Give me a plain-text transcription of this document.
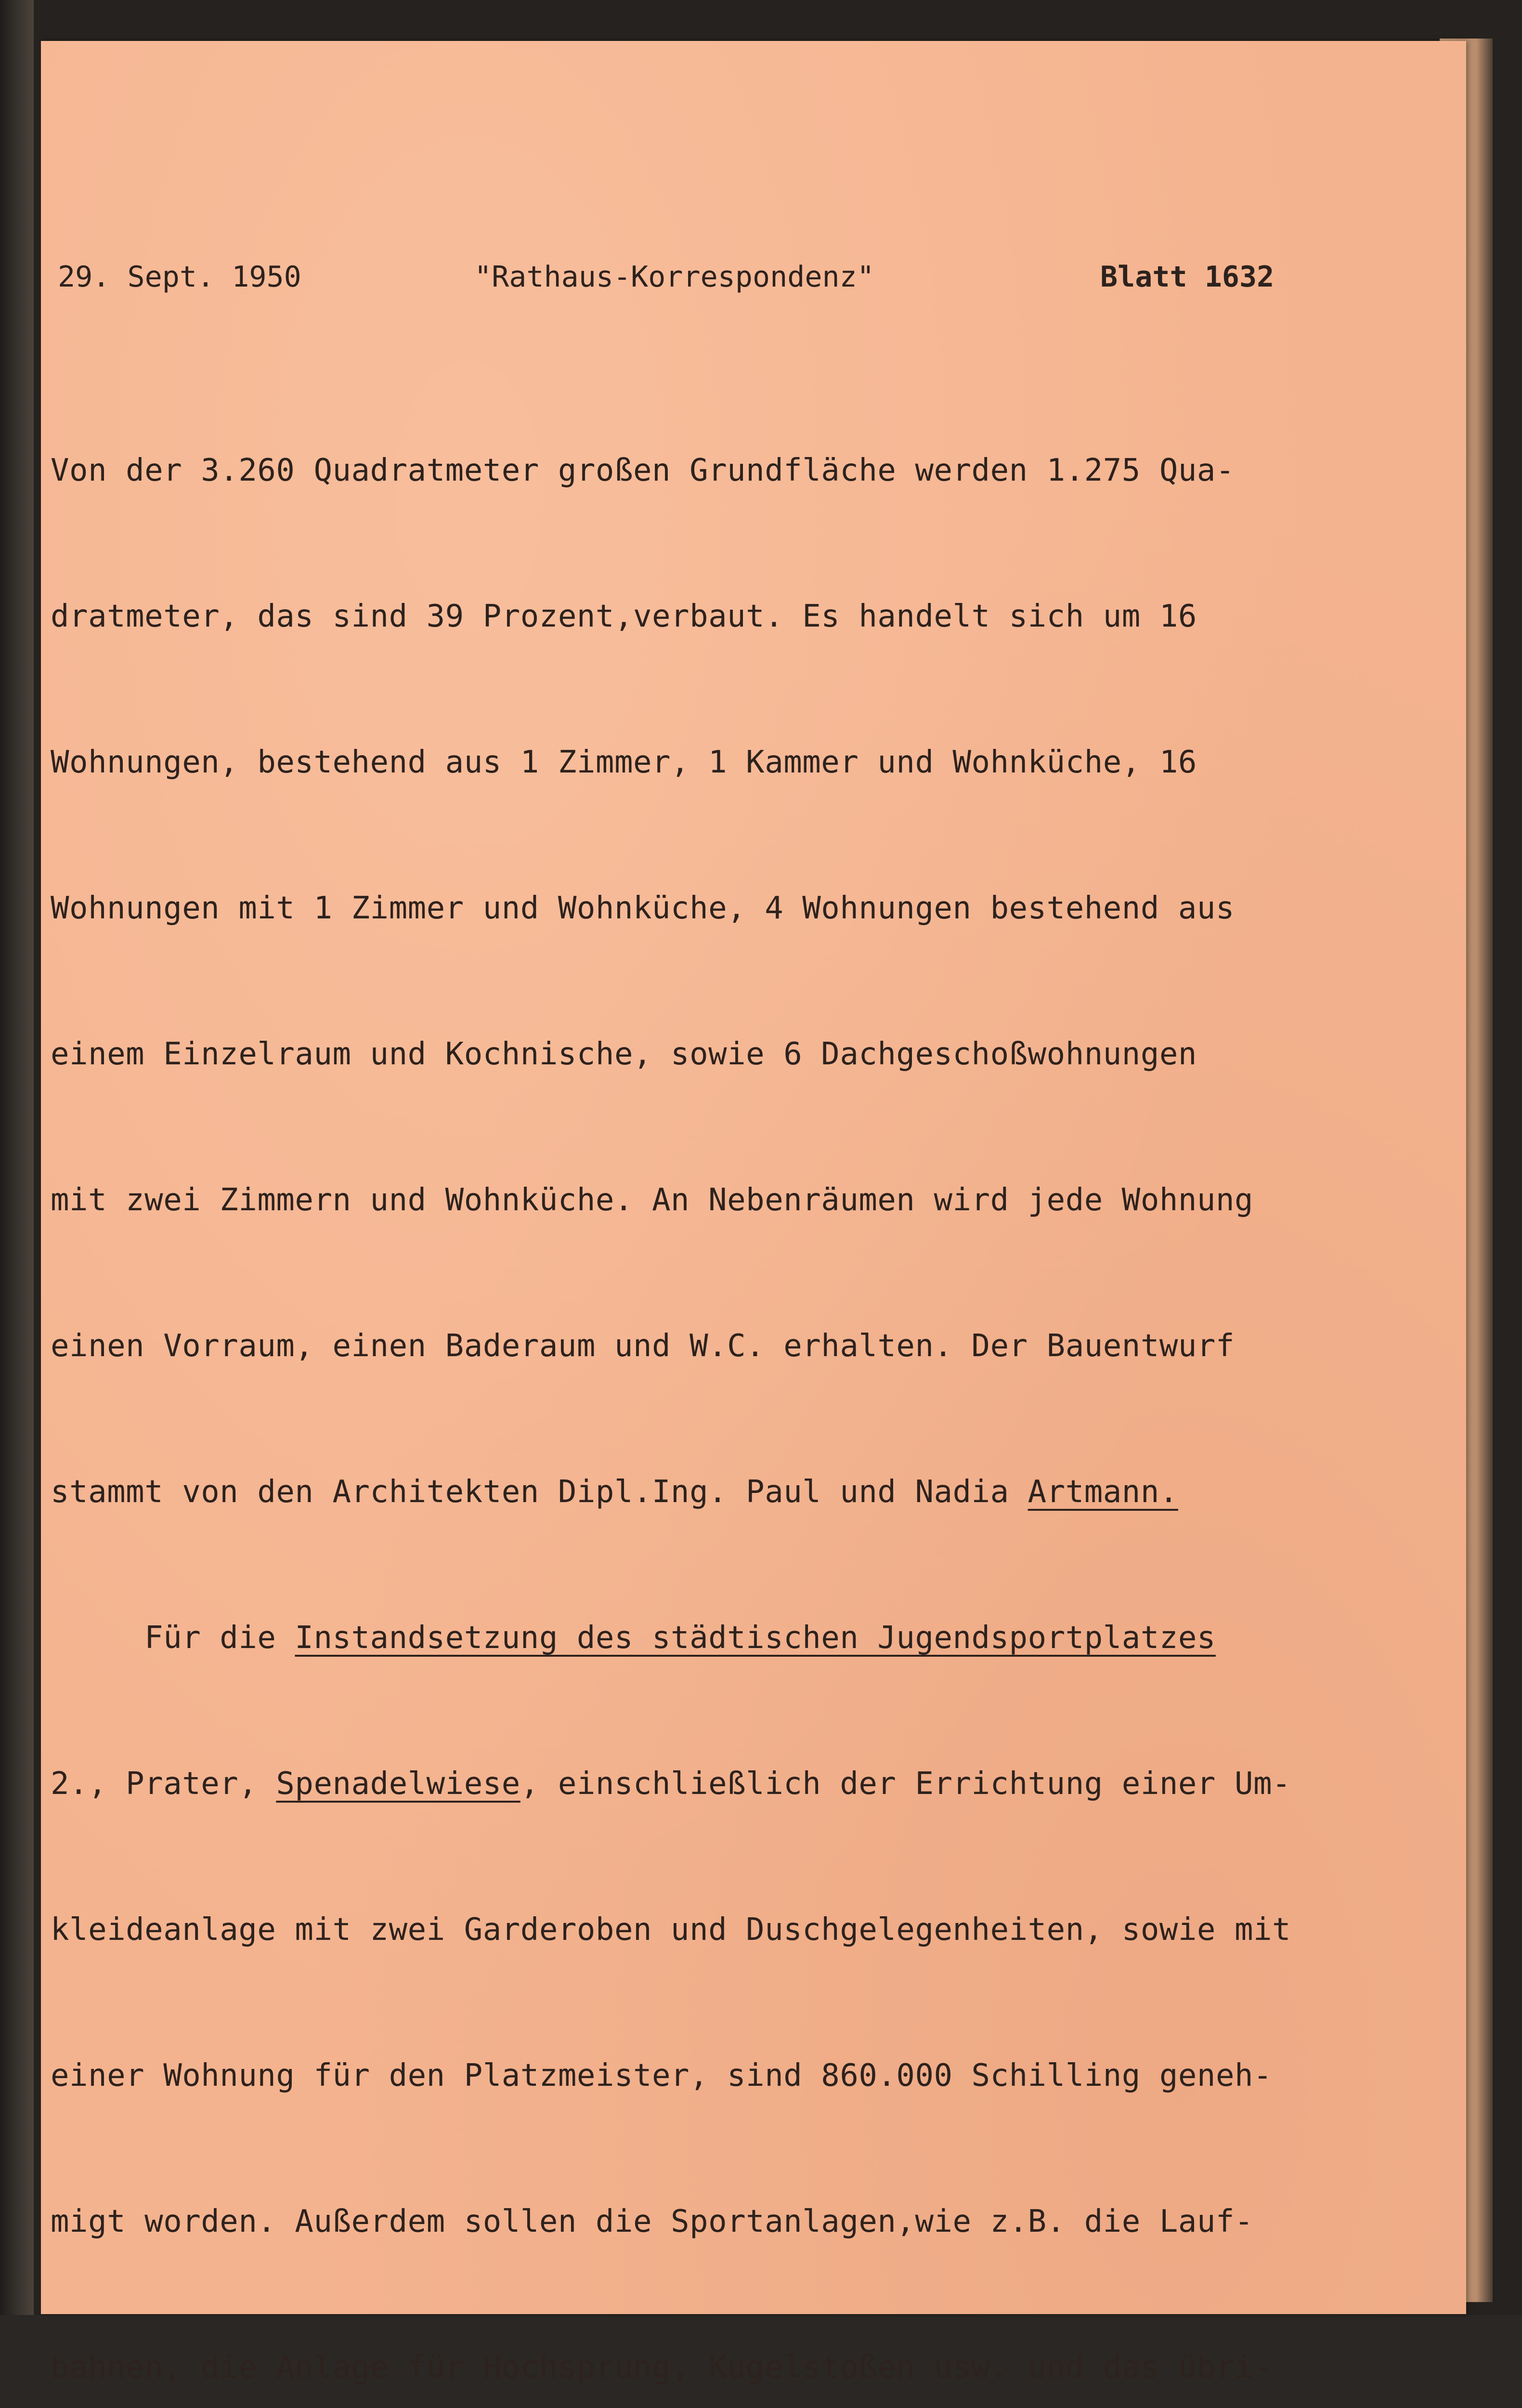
29. Sept. 1950

	"Rathaus-Korrespondenz"

	Blatt 1632

Von der 3.260 Quadratmeter großen Grundfläche werden 1.275 Qua-

dratmeter, das sind 39 Prozent,verbaut. Es handelt sich um 16

Wohnungen, bestehend aus 1 Zimmer, 1 Kammer und Wohnküche, 16

Wohnungen mit 1 Zimmer und Wohnküche, 4 Wohnungen bestehend aus

einem Einzelraum und Kochnische, sowie 6 Dachgeschoßwohnungen

mit zwei Zimmern und Wohnküche. An Nebenräumen wird jede Wohnung

einen Vorraum, einen Baderaum und W.C. erhalten. Der Bauentwurf

stammt von den Architekten Dipl.Ing. Paul und Nadia Artmann.

Für die Instandsetzung des städtischen Jugendsportplatzes

2., Prater, Spenadelwiese, einschließlich der Errichtung einer Um-

kleideanlage mit zwei Garderoben und Duschgelegenheiten, sowie mit

einer Wohnung für den Platzmeister, sind 860.000 Schilling geneh-

migt worden. Außerdem sollen die Sportanlagen,wie z.B. die Lauf-

bahnen, die Anlage für Hochsprung, Kugelstoßen usw. und das übri-
